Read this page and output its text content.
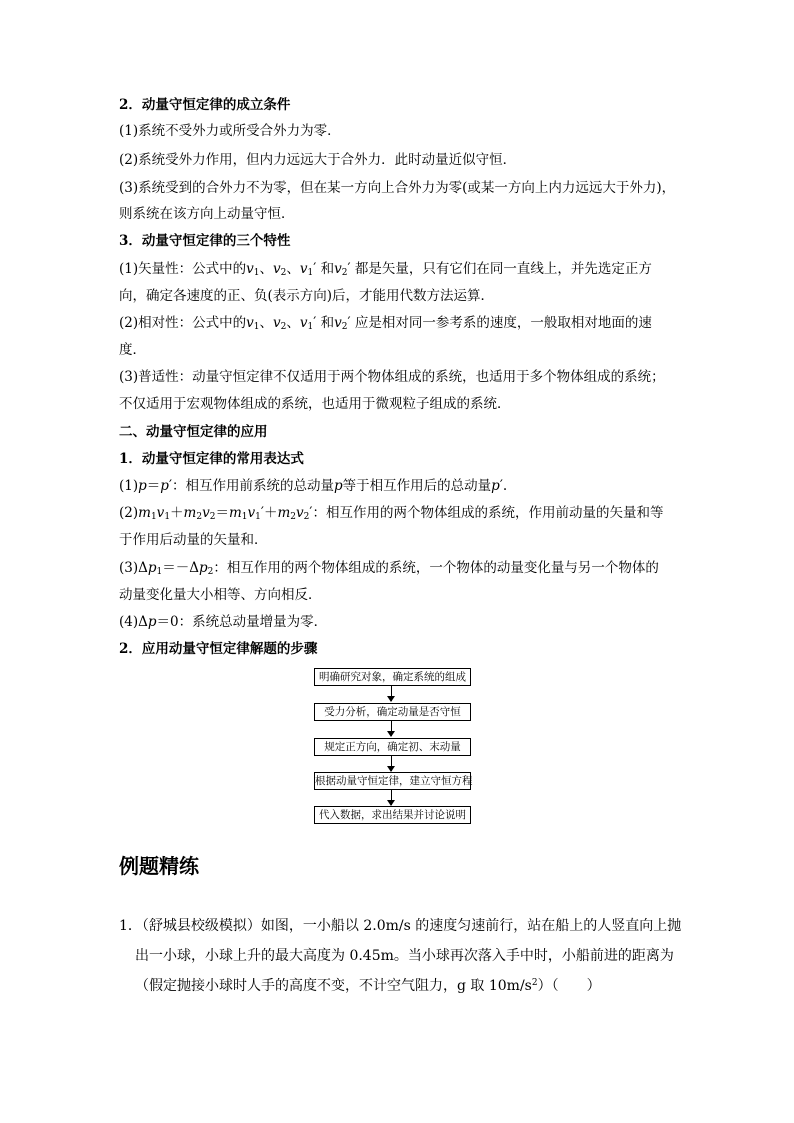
2．动量守恒定律的成立条件
(1)系统不受外力或所受合外力为零．
(2)系统受外力作用，但内力远远大于合外力．此时动量近似守恒．
(3)系统受到的合外力不为零，但在某一方向上合外力为零(或某一方向上内力远远大于外力)，
则系统在该方向上动量守恒．
3．动量守恒定律的三个特性
(1)矢量性：公式中的$v_1$、$v_2$、$v_1'$ 和$v_2'$ 都是矢量，只有它们在同一直线上，并先选定正方
向，确定各速度的正、负(表示方向)后，才能用代数方法运算．
(2)相对性：公式中的$v_1$、$v_2$、$v_1'$ 和$v_2'$ 应是相对同一参考系的速度，一般取相对地面的速
度．
(3)普适性：动量守恒定律不仅适用于两个物体组成的系统，也适用于多个物体组成的系统；
不仅适用于宏观物体组成的系统，也适用于微观粒子组成的系统．
二、动量守恒定律的应用
1．动量守恒定律的常用表达式
(1)p＝p′：相互作用前系统的总动量p等于相互作用后的总动量p′.
$(2)m_1v_1+m_2v_2=m_1v_1'+m_2v_2'$：相互作用的两个物体组成的系统，作用前动量的矢量和等
于作用后动量的矢量和．
$(3)\Delta p_1=-\Delta p_2$：相互作用的两个物体组成的系统，一个物体的动量变化量与另一个物体的
动量变化量大小相等、方向相反．
(4)Δp＝0：系统总动量增量为零．
2．应用动量守恒定律解题的步骤
明确研究对象，确定系统的组成
受力分析，确定动量是否守恒
规定正方向，确定初、末动量
根据动量守恒定律，建立守恒方程
代入数据，求出结果并讨论说明
例题精练
1．（舒城县校级模拟）如图，一小船以 2.0m/s 的速度匀速前行，站在船上的人竖直向上抛
出一小球，小球上升的最大高度为 0.45m。当小球再次落入手中时，小船前进的距离为
（假定抛接小球时人手的高度不变，不计空气阻力，g 取 $10m/s^2$）（　　）
